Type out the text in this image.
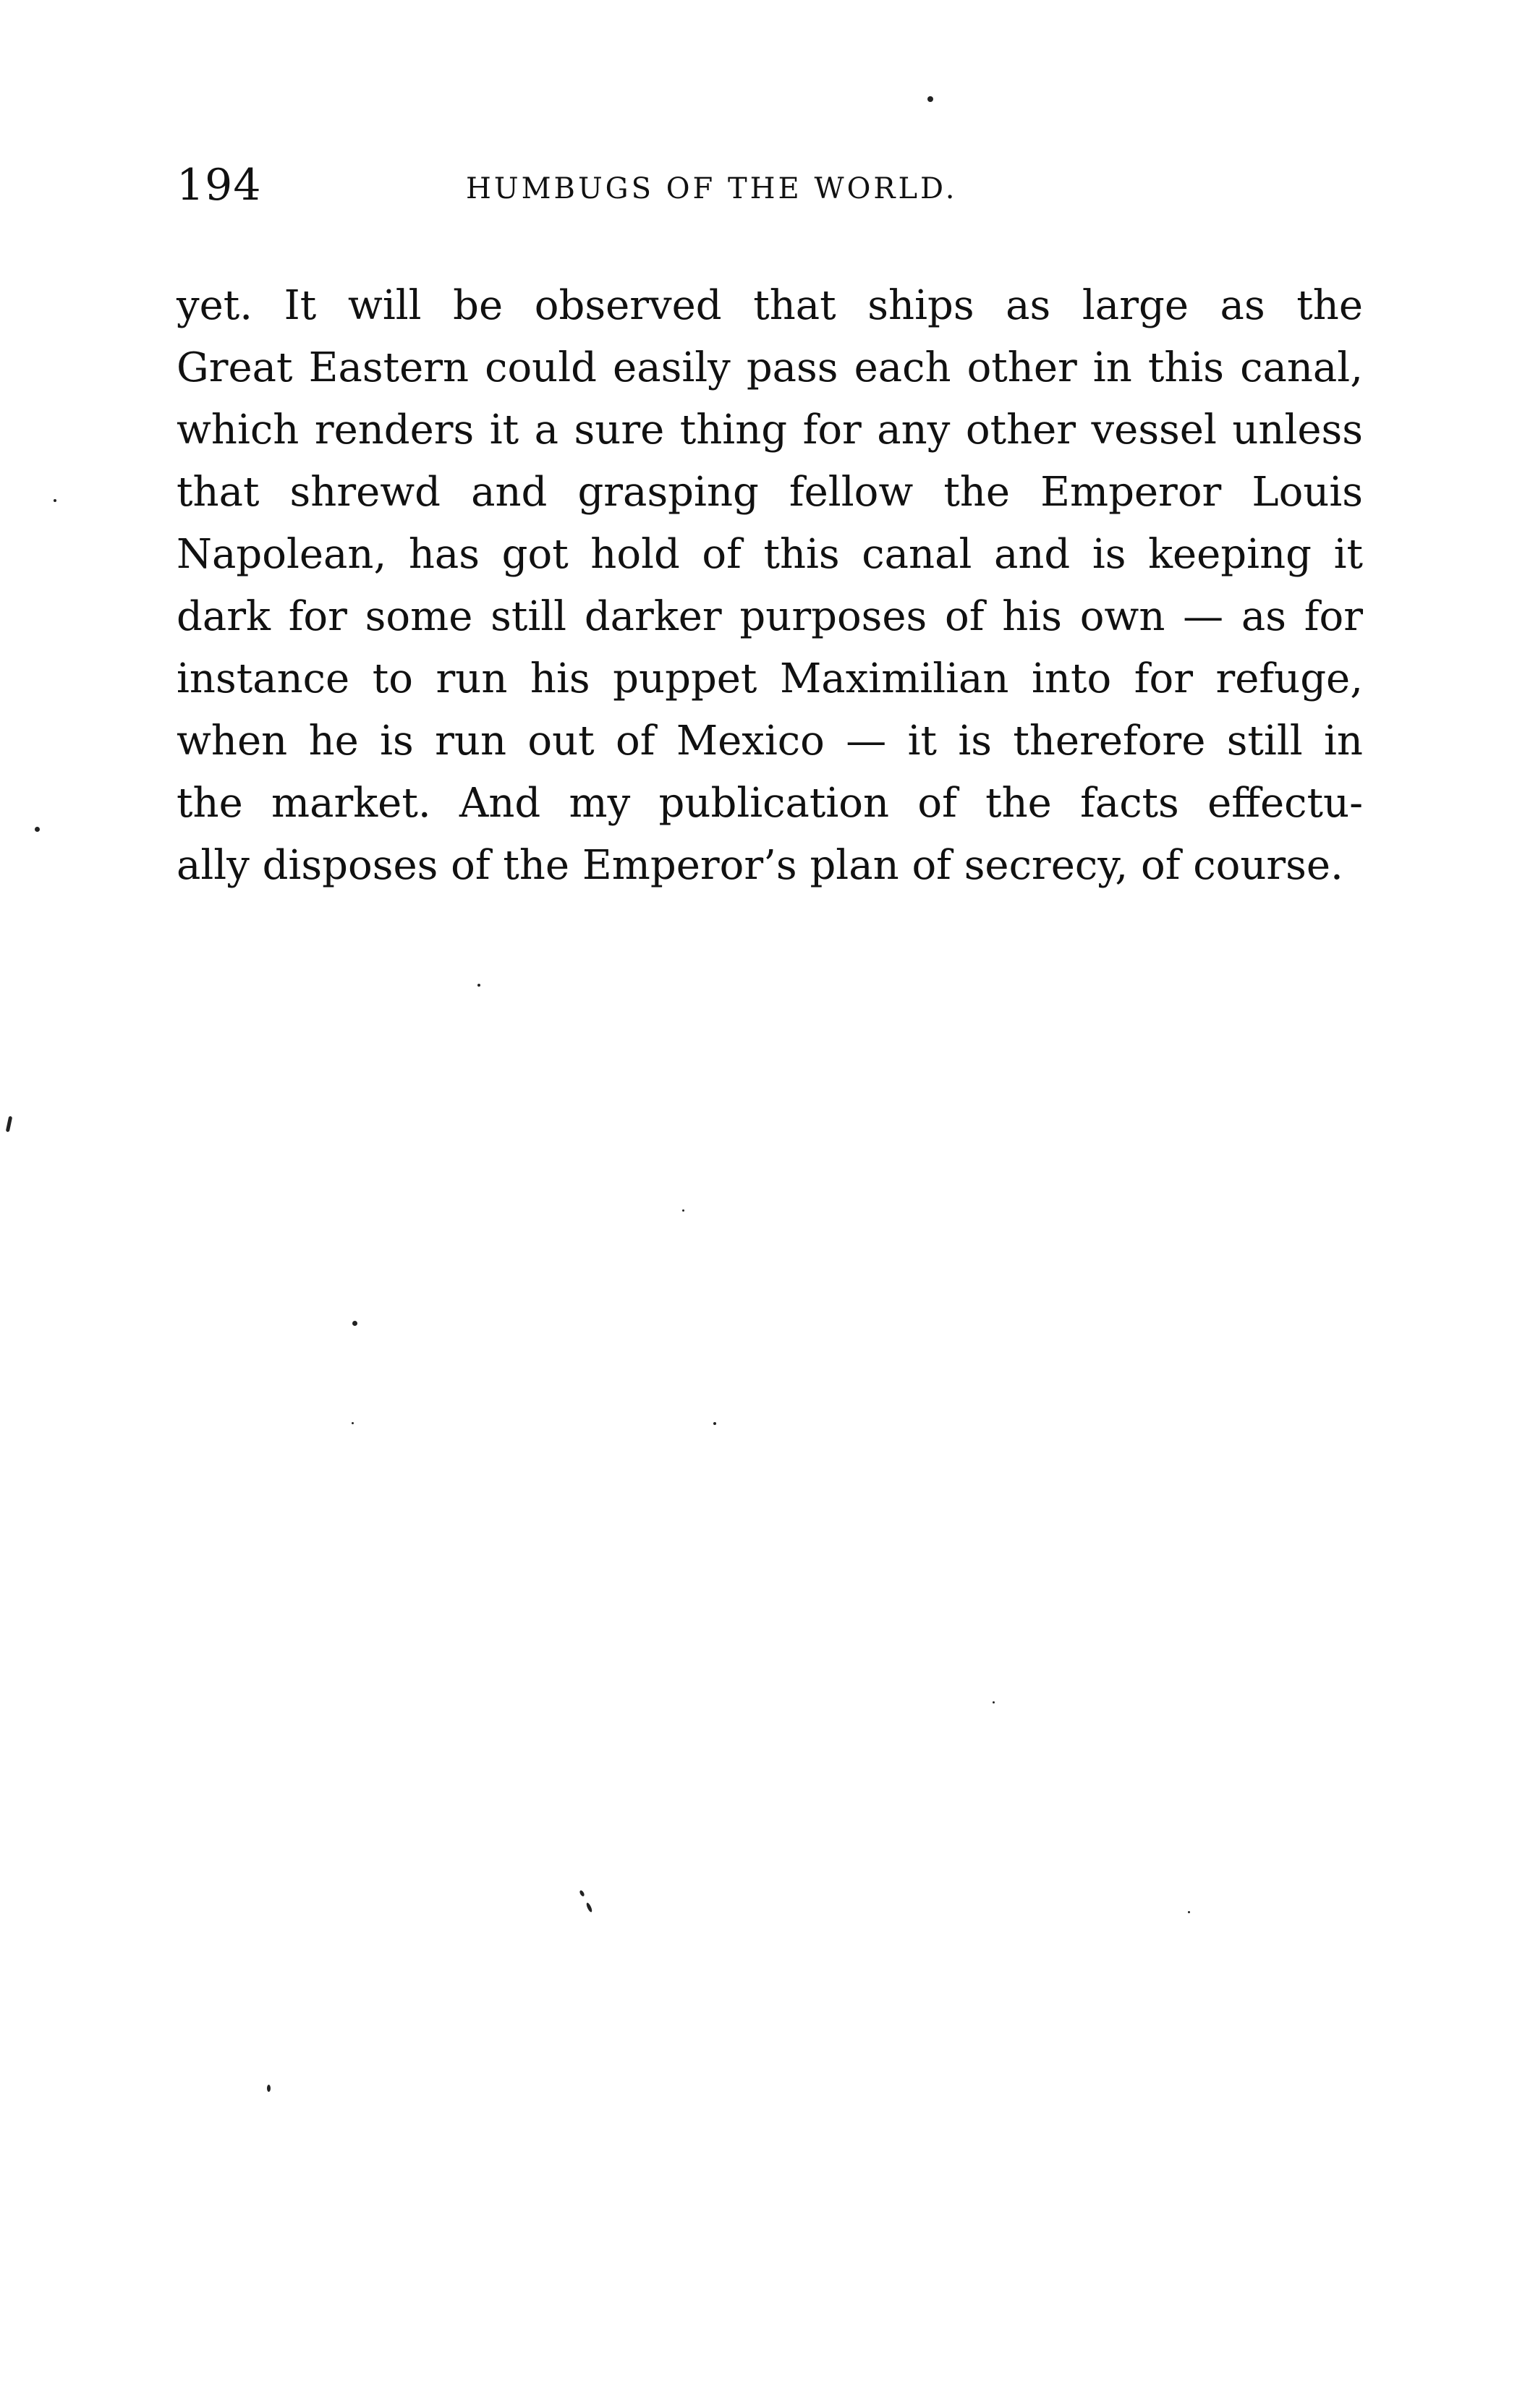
194	HUMBUGS OF THE WORLD.
yet. It will be observed that ships as large as the
Great Eastern could easily pass each other in this canal,
which renders it a sure thing for any other vessel unless
that shrewd and grasping fellow the Emperor Louis
Napolean, has got hold of this canal and is keeping it
dark for some still darker purposes of his own — as for
instance to run his puppet Maximilian into for refuge,
when he is run out of Mexico — it is therefore still in
the market. And my publication of the facts effectu-
ally disposes of the Emperor’s plan of secrecy, of course.
